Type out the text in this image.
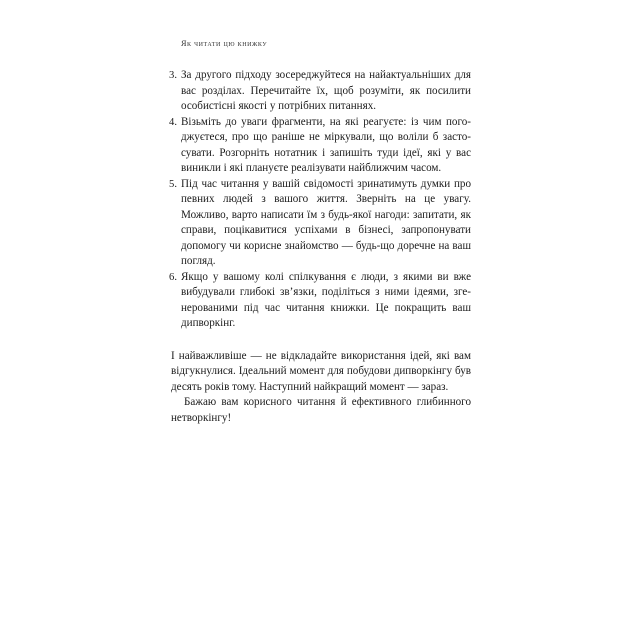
Як читати цю книжку
3. За другого підходу зосереджуйтеся на найактуальніших для вас розділах. Перечитайте їх, щоб розуміти, як посилити особистісні якості у потрібних питаннях.
4. Візьміть до уваги фрагменти, на які реагуєте: із чим погоджуєтеся, про що раніше не міркували, що воліли б застосувати. Розгорніть нотатник і запишіть туди ідеї, які у вас виникли і які плануєте реалізувати найближчим часом.
5. Під час читання у вашій свідомості зринатимуть думки про певних людей з вашого життя. Зверніть на це увагу. Можливо, варто написати їм з будь-якої нагоди: запитати, як справи, поцікавитися успіхами в бізнесі, запропонувати допомогу чи корисне знайомство — будь-що доречне на ваш погляд.
6. Якщо у вашому колі спілкування є люди, з якими ви вже вибудували глибокі зв’язки, поділіться з ними ідеями, згенерованими під час читання книжки. Це покращить ваш дипворкінг.

І найважливіше — не відкладайте використання ідей, які вам відгукнулися. Ідеальний момент для побудови дипворкінгу був десять років тому. Наступний найкращий момент — зараз.

Бажаю вам корисного читання й ефективного глибинного нетворкінгу!
